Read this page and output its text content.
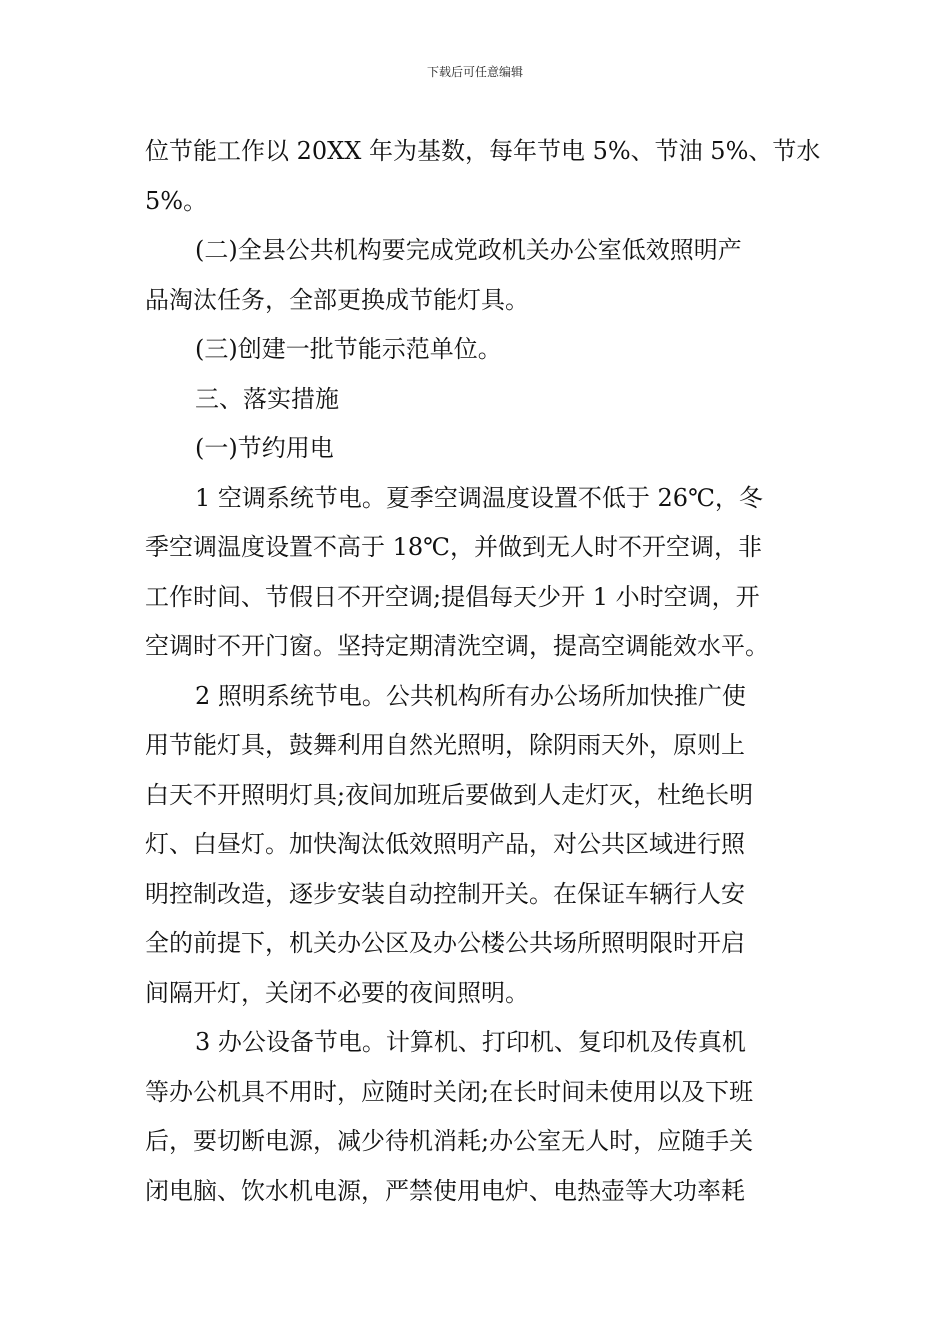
下载后可任意编辑
位节能工作以 20XX 年为基数，每年节电 5%、节油 5%、节水
5%。
(二)全县公共机构要完成党政机关办公室低效照明产
品淘汰任务，全部更换成节能灯具。
(三)创建一批节能示范单位。
三、落实措施
(一)节约用电
1 空调系统节电。夏季空调温度设置不低于 26℃，冬
季空调温度设置不高于 18℃，并做到无人时不开空调，非
工作时间、节假日不开空调;提倡每天少开 1 小时空调，开
空调时不开门窗。坚持定期清洗空调，提高空调能效水平。
2 照明系统节电。公共机构所有办公场所加快推广使
用节能灯具，鼓舞利用自然光照明，除阴雨天外，原则上
白天不开照明灯具;夜间加班后要做到人走灯灭，杜绝长明
灯、白昼灯。加快淘汰低效照明产品，对公共区域进行照
明控制改造，逐步安装自动控制开关。在保证车辆行人安
全的前提下，机关办公区及办公楼公共场所照明限时开启
间隔开灯，关闭不必要的夜间照明。
3 办公设备节电。计算机、打印机、复印机及传真机
等办公机具不用时，应随时关闭;在长时间未使用以及下班
后，要切断电源，减少待机消耗;办公室无人时，应随手关
闭电脑、饮水机电源，严禁使用电炉、电热壶等大功率耗
